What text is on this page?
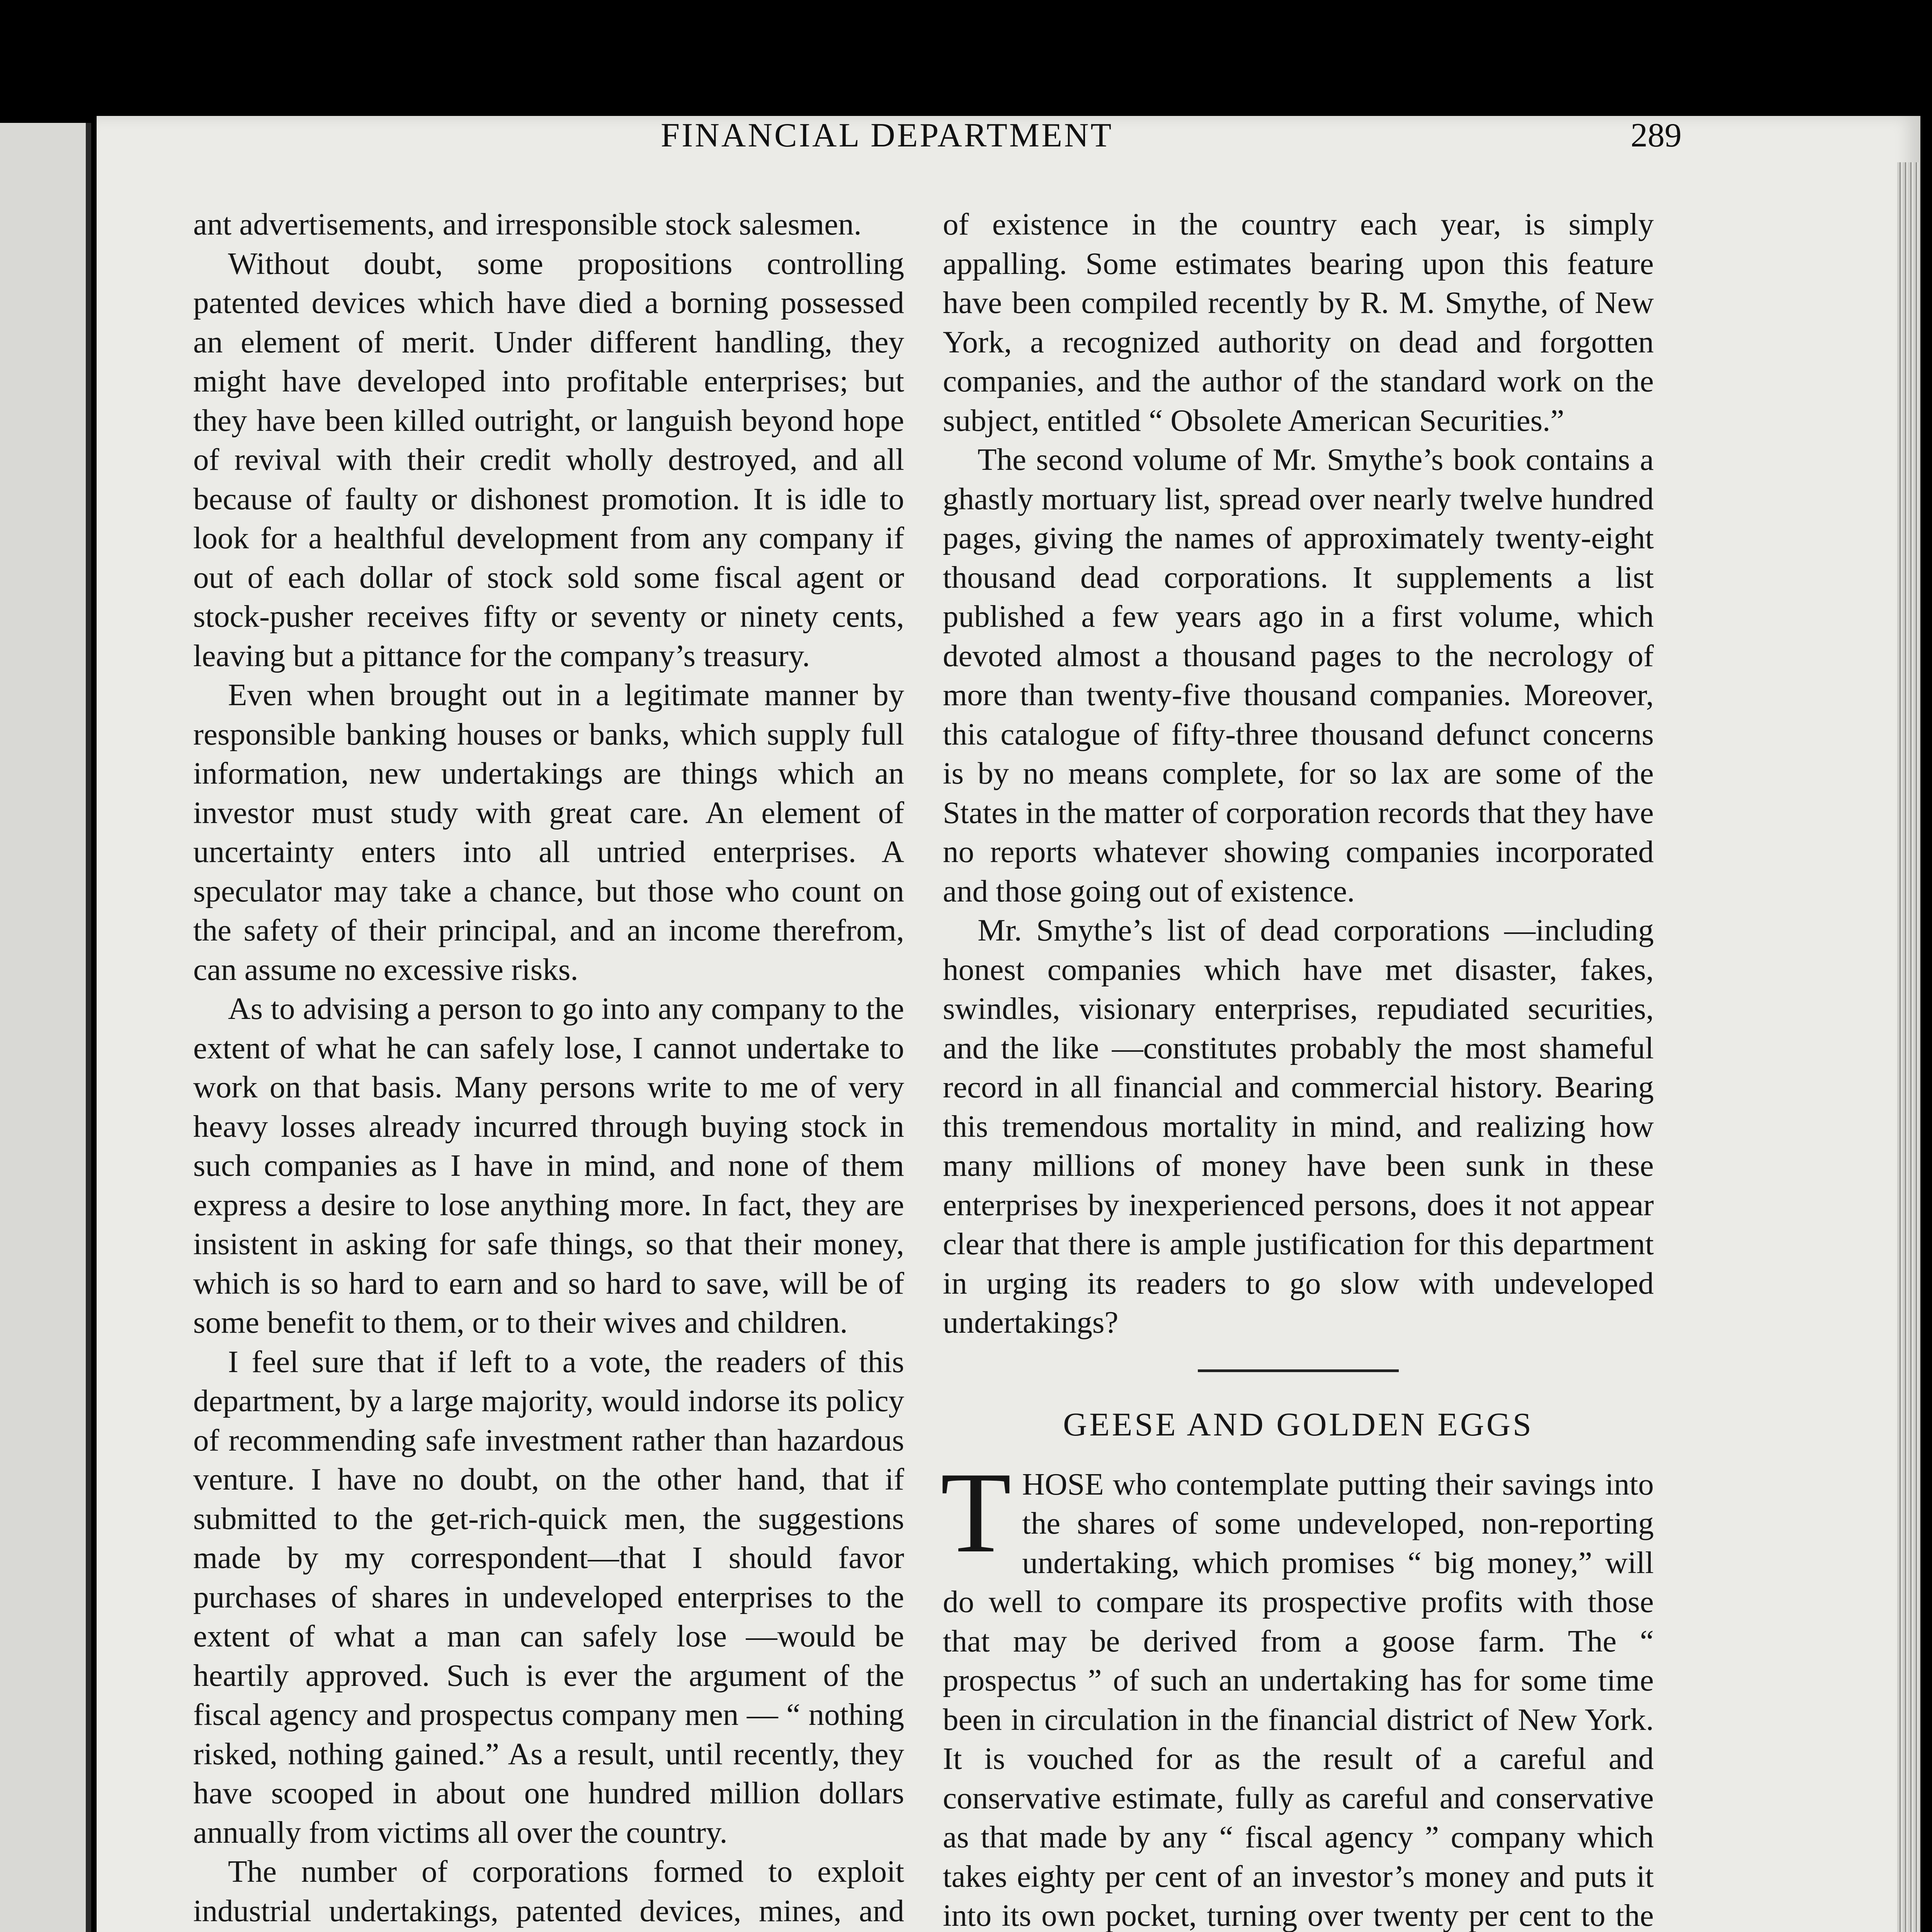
FINANCIAL DEPARTMENT	289

ant advertisements, and irresponsible stock salesmen.

Without doubt, some propositions controlling patented devices which have died a borning possessed an element of merit. Under different handling, they might have developed into profitable enterprises; but they have been killed outright, or languish beyond hope of revival with their credit wholly destroyed, and all because of faulty or dishonest promotion. It is idle to look for a healthful development from any company if out of each dollar of stock sold some fiscal agent or stock-pusher receives fifty or seventy or ninety cents, leaving but a pittance for the company’s treasury.

Even when brought out in a legitimate manner by responsible banking houses or banks, which supply full information, new undertakings are things which an investor must study with great care. An element of uncertainty enters into all untried enterprises. A speculator may take a chance, but those who count on the safety of their principal, and an income therefrom, can assume no excessive risks.

As to advising a person to go into any company to the extent of what he can safely lose, I cannot undertake to work on that basis. Many persons write to me of very heavy losses already incurred through buying stock in such companies as I have in mind, and none of them express a desire to lose anything more. In fact, they are insistent in asking for safe things, so that their money, which is so hard to earn and so hard to save, will be of some benefit to them, or to their wives and children.

I feel sure that if left to a vote, the readers of this department, by a large majority, would indorse its policy of recommending safe investment rather than hazardous venture. I have no doubt, on the other hand, that if submitted to the get-rich-quick men, the suggestions made by my correspondent—that I should favor purchases of shares in undeveloped enterprises to the extent of what a man can safely lose —would be heartily approved. Such is ever the argument of the fiscal agency and prospectus company men — “ nothing risked, nothing gained.” As a result, until recently, they have scooped in about one hundred million dollars annually from victims all over the country.

The number of corporations formed to exploit industrial undertakings, patented devices, mines, and

of existence in the country each year, is simply appalling. Some estimates bearing upon this feature have been compiled recently by R. M. Smythe, of New York, a recognized authority on dead and forgotten companies, and the author of the standard work on the subject, entitled “ Obsolete American Securities.”

The second volume of Mr. Smythe’s book contains a ghastly mortuary list, spread over nearly twelve hundred pages, giving the names of approximately twenty-eight thousand dead corporations. It supplements a list published a few years ago in a first volume, which devoted almost a thousand pages to the necrology of more than twenty-five thousand companies. Moreover, this catalogue of fifty-three thousand defunct concerns is by no means complete, for so lax are some of the States in the matter of corporation records that they have no reports whatever showing companies incorporated and those going out of existence.

Mr. Smythe’s list of dead corporations —including honest companies which have met disaster, fakes, swindles, visionary enterprises, repudiated securities, and the like —constitutes probably the most shameful record in all financial and commercial history. Bearing this tremendous mortality in mind, and realizing how many millions of money have been sunk in these enterprises by inexperienced persons, does it not appear clear that there is ample justification for this department in urging its readers to go slow with undeveloped undertakings?

GEESE AND GOLDEN EGGS

THOSE who contemplate putting their savings into the shares of some undeveloped, non-reporting undertaking, which promises “ big money,” will do well to compare its prospective profits with those that may be derived from a goose farm. The “ prospectus ” of such an undertaking has for some time been in circulation in the financial district of New York. It is vouched for as the result of a careful and conservative estimate, fully as careful and conservative as that made by any “ fiscal agency ” company which takes eighty per cent of an investor’s money and puts it into its own pocket, turning over twenty per cent to the
